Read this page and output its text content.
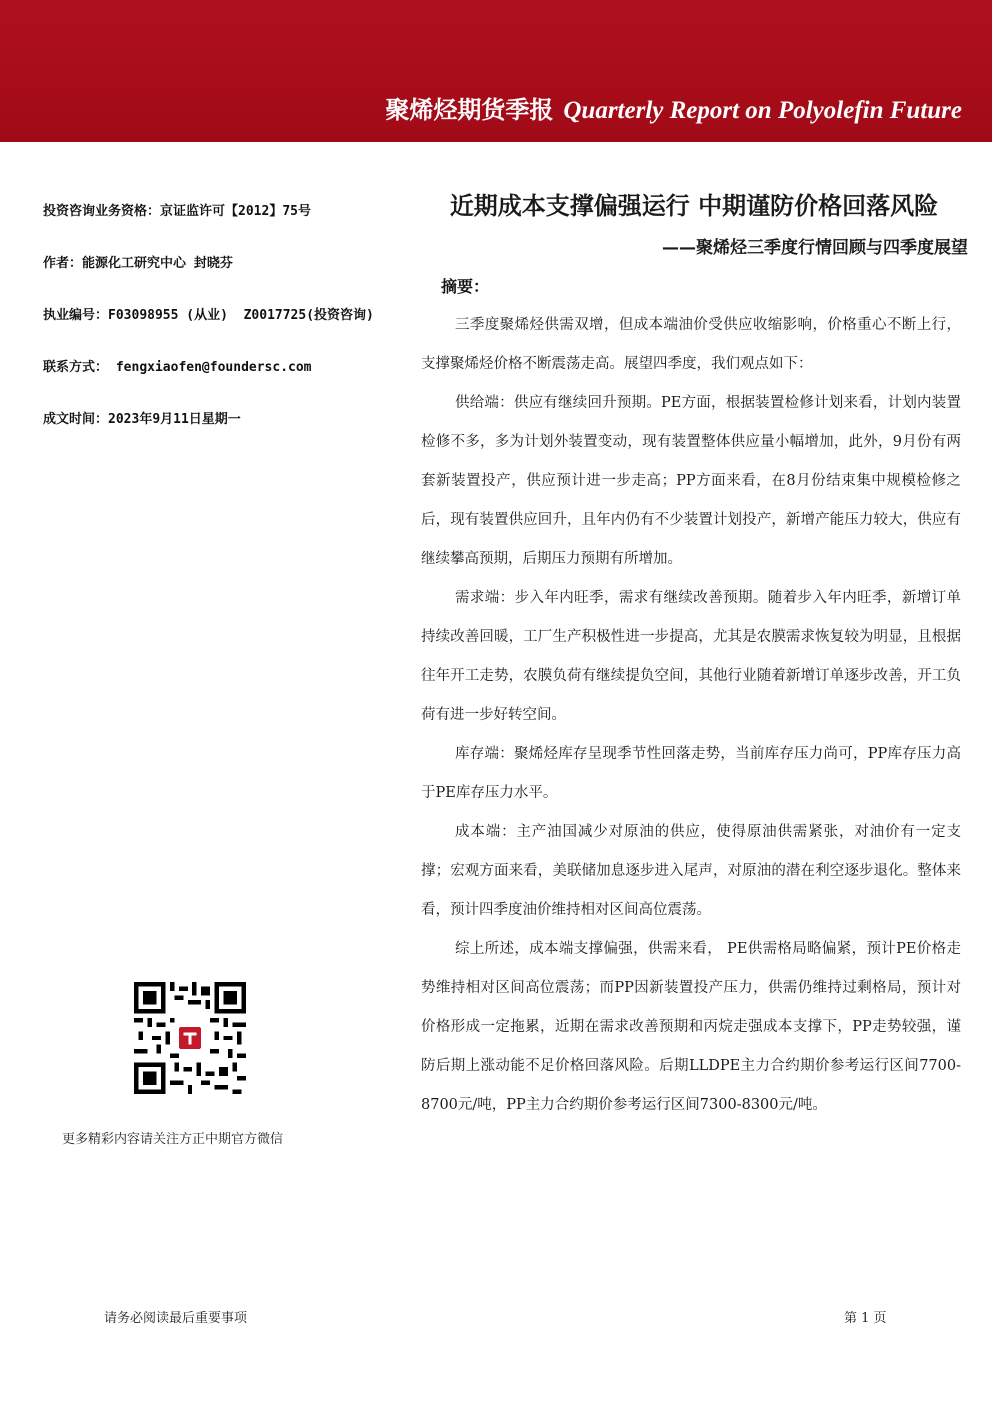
聚烯烃期货季报 Quarterly Report on Polyolefin Future
投资咨询业务资格：京证监许可【2012】75号
作者：能源化工研究中心 封晓芬
执业编号：F03098955 (从业)  Z0017725(投资咨询)
联系方式： fengxiaofen@foundersc.com
成文时间：2023年9月11日星期一
近期成本支撑偏强运行 中期谨防价格回落风险
——聚烯烃三季度行情回顾与四季度展望
摘要：

三季度聚烯烃供需双增，但成本端油价受供应收缩影响，价格重心不断上行，支撑聚烯烃价格不断震荡走高。展望四季度，我们观点如下：

供给端：供应有继续回升预期。PE方面，根据装置检修计划来看，计划内装置检修不多，多为计划外装置变动，现有装置整体供应量小幅增加，此外，9月份有两套新装置投产，供应预计进一步走高；PP方面来看，在8月份结束集中规模检修之后，现有装置供应回升，且年内仍有不少装置计划投产，新增产能压力较大，供应有继续攀高预期，后期压力预期有所增加。

需求端：步入年内旺季，需求有继续改善预期。随着步入年内旺季，新增订单持续改善回暖，工厂生产积极性进一步提高，尤其是农膜需求恢复较为明显，且根据往年开工走势，农膜负荷有继续提负空间，其他行业随着新增订单逐步改善，开工负荷有进一步好转空间。

库存端：聚烯烃库存呈现季节性回落走势，当前库存压力尚可，PP库存压力高于PE库存压力水平。

成本端：主产油国减少对原油的供应，使得原油供需紧张，对油价有一定支撑；宏观方面来看，美联储加息逐步进入尾声，对原油的潜在利空逐步退化。整体来看，预计四季度油价维持相对区间高位震荡。

综上所述，成本端支撑偏强，供需来看， PE供需格局略偏紧，预计PE价格走势维持相对区间高位震荡；而PP因新装置投产压力，供需仍维持过剩格局，预计对价格形成一定拖累，近期在需求改善预期和丙烷走强成本支撑下，PP走势较强，谨防后期上涨动能不足价格回落风险。后期LLDPE主力合约期价参考运行区间7700-8700元/吨，PP主力合约期价参考运行区间7300-8300元/吨。

更多精彩内容请关注方正中期官方微信
请务必阅读最后重要事项	第 1 页
